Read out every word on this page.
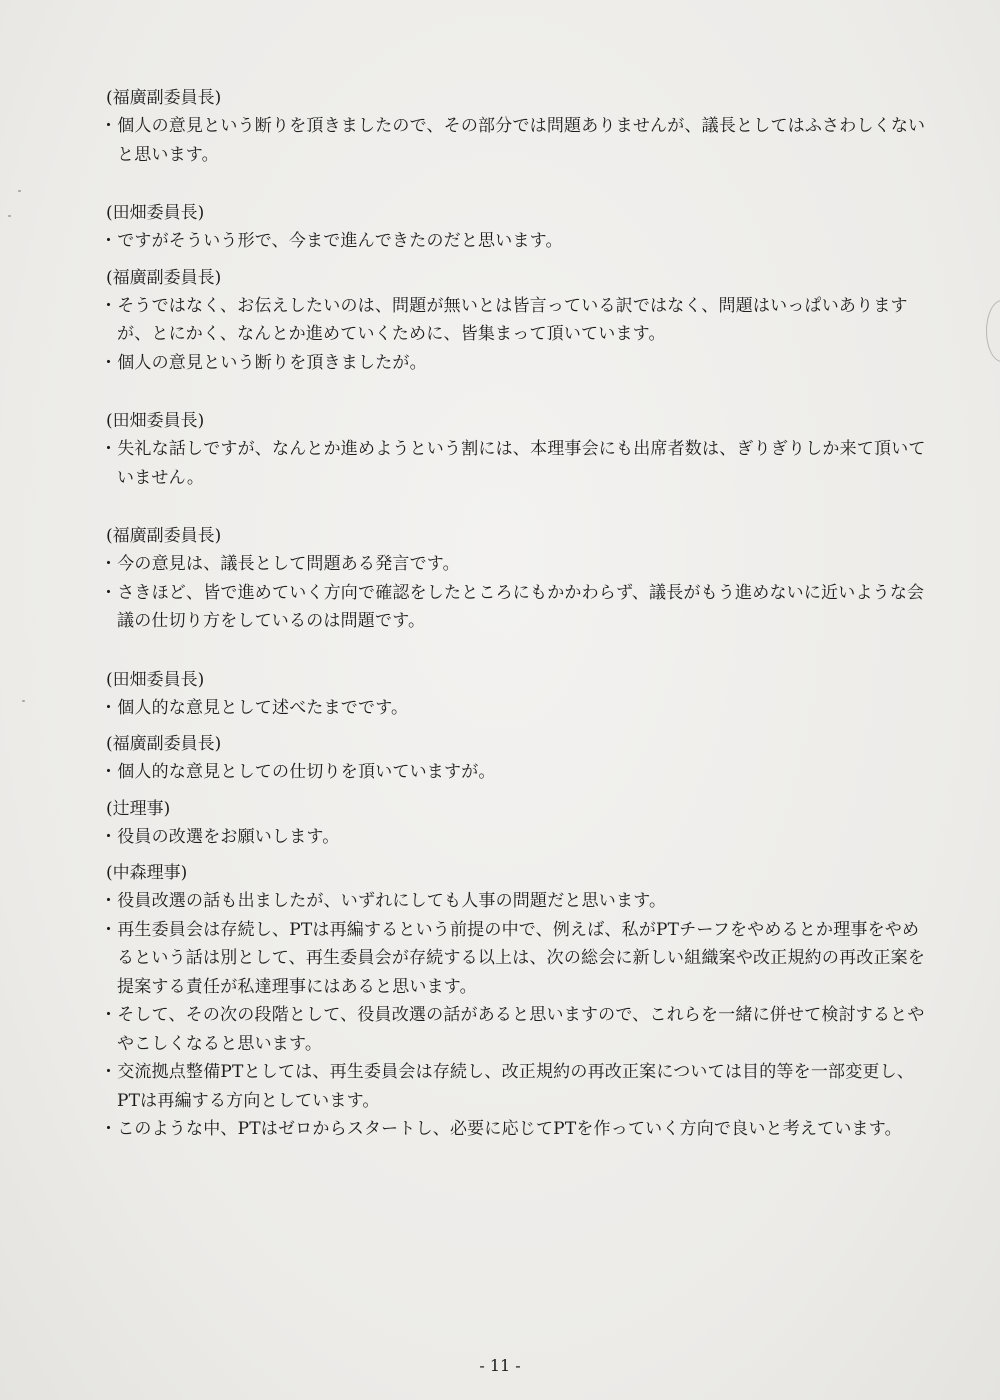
(福廣副委員長)

・個人の意見という断りを頂きましたので、その部分では問題ありませんが、議長としてはふさわしくないと思います。

(田畑委員長)

・ですがそういう形で、今まで進んできたのだと思います。

(福廣副委員長)

・そうではなく、お伝えしたいのは、問題が無いとは皆言っている訳ではなく、問題はいっぱいありますが、とにかく、なんとか進めていくために、皆集まって頂いています。

・個人の意見という断りを頂きましたが。

(田畑委員長)

・失礼な話しですが、なんとか進めようという割には、本理事会にも出席者数は、ぎりぎりしか来て頂いていません。

(福廣副委員長)

・今の意見は、議長として問題ある発言です。

・さきほど、皆で進めていく方向で確認をしたところにもかかわらず、議長がもう進めないに近いような会議の仕切り方をしているのは問題です。

(田畑委員長)

・個人的な意見として述べたまでです。

(福廣副委員長)

・個人的な意見としての仕切りを頂いていますが。

(辻理事)

・役員の改選をお願いします。

(中森理事)

・役員改選の話も出ましたが、いずれにしても人事の問題だと思います。

・再生委員会は存続し、PTは再編するという前提の中で、例えば、私がPTチーフをやめるとか理事をやめるという話は別として、再生委員会が存続する以上は、次の総会に新しい組織案や改正規約の再改正案を提案する責任が私達理事にはあると思います。

・そして、その次の段階として、役員改選の話があると思いますので、これらを一緒に併せて検討するとややこしくなると思います。

・交流拠点整備PTとしては、再生委員会は存続し、改正規約の再改正案については目的等を一部変更し、PTは再編する方向としています。

・このような中、PTはゼロからスタートし、必要に応じてPTを作っていく方向で良いと考えています。

- 11 -
